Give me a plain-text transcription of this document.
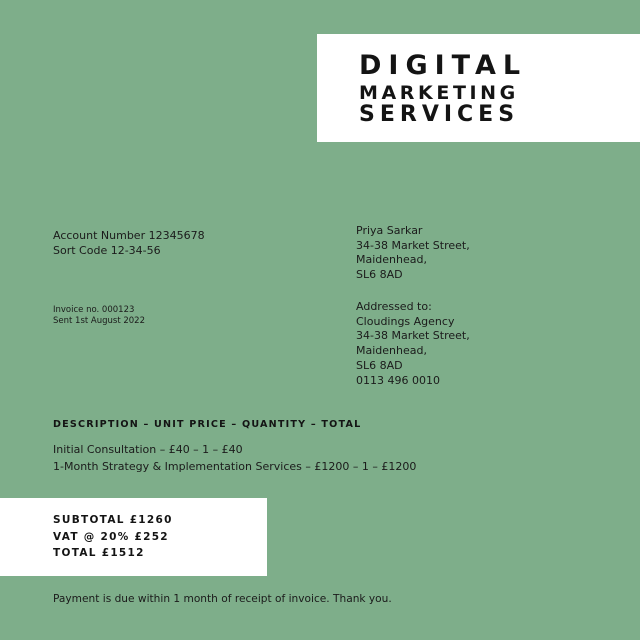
DIGITAL
MARKETING
SERVICES
Account Number 12345678
Sort Code 12-34-56
Invoice no. 000123
Sent 1st August 2022
Priya Sarkar
34-38 Market Street,
Maidenhead,
SL6 8AD
Addressed to:
Cloudings Agency
34-38 Market Street,
Maidenhead,
SL6 8AD
0113 496 0010
DESCRIPTION – UNIT PRICE – QUANTITY – TOTAL
Initial Consultation – £40 – 1 – £40
1-Month Strategy & Implementation Services – £1200 – 1 – £1200
SUBTOTAL £1260
VAT @ 20% £252
TOTAL £1512
Payment is due within 1 month of receipt of invoice. Thank you.
